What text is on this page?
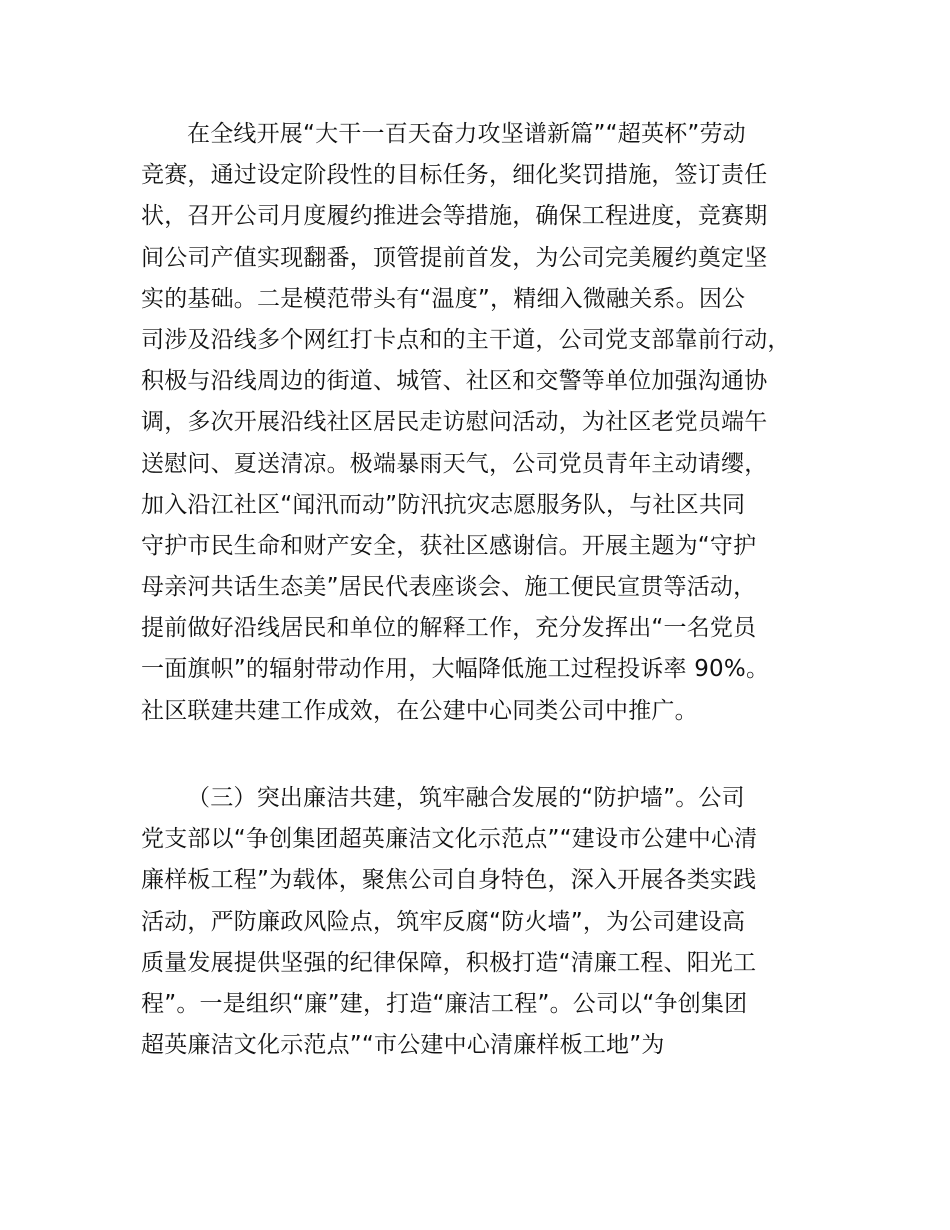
在全线开展“大干一百天奋力攻坚谱新篇”“超英杯”劳动
竞赛，通过设定阶段性的目标任务，细化奖罚措施，签订责任
状，召开公司月度履约推进会等措施，确保工程进度，竞赛期
间公司产值实现翻番，顶管提前首发，为公司完美履约奠定坚
实的基础。二是模范带头有“温度”，精细入微融关系。因公
司涉及沿线多个网红打卡点和的主干道，公司党支部靠前行动，
积极与沿线周边的街道、城管、社区和交警等单位加强沟通协
调，多次开展沿线社区居民走访慰问活动，为社区老党员端午
送慰问、夏送清凉。极端暴雨天气，公司党员青年主动请缨，
加入沿江社区“闻汛而动”防汛抗灾志愿服务队，与社区共同
守护市民生命和财产安全，获社区感谢信。开展主题为“守护
母亲河共话生态美”居民代表座谈会、施工便民宣贯等活动，
提前做好沿线居民和单位的解释工作，充分发挥出“一名党员
一面旗帜”的辐射带动作用，大幅降低施工过程投诉率 90%。
社区联建共建工作成效，在公建中心同类公司中推广。
（三）突出廉洁共建，筑牢融合发展的“防护墙”。公司
党支部以“争创集团超英廉洁文化示范点”“建设市公建中心清
廉样板工程”为载体，聚焦公司自身特色，深入开展各类实践
活动，严防廉政风险点，筑牢反腐“防火墙”，为公司建设高
质量发展提供坚强的纪律保障，积极打造“清廉工程、阳光工
程”。一是组织“廉”建，打造“廉洁工程”。公司以“争创集团
超英廉洁文化示范点”“市公建中心清廉样板工地”为
